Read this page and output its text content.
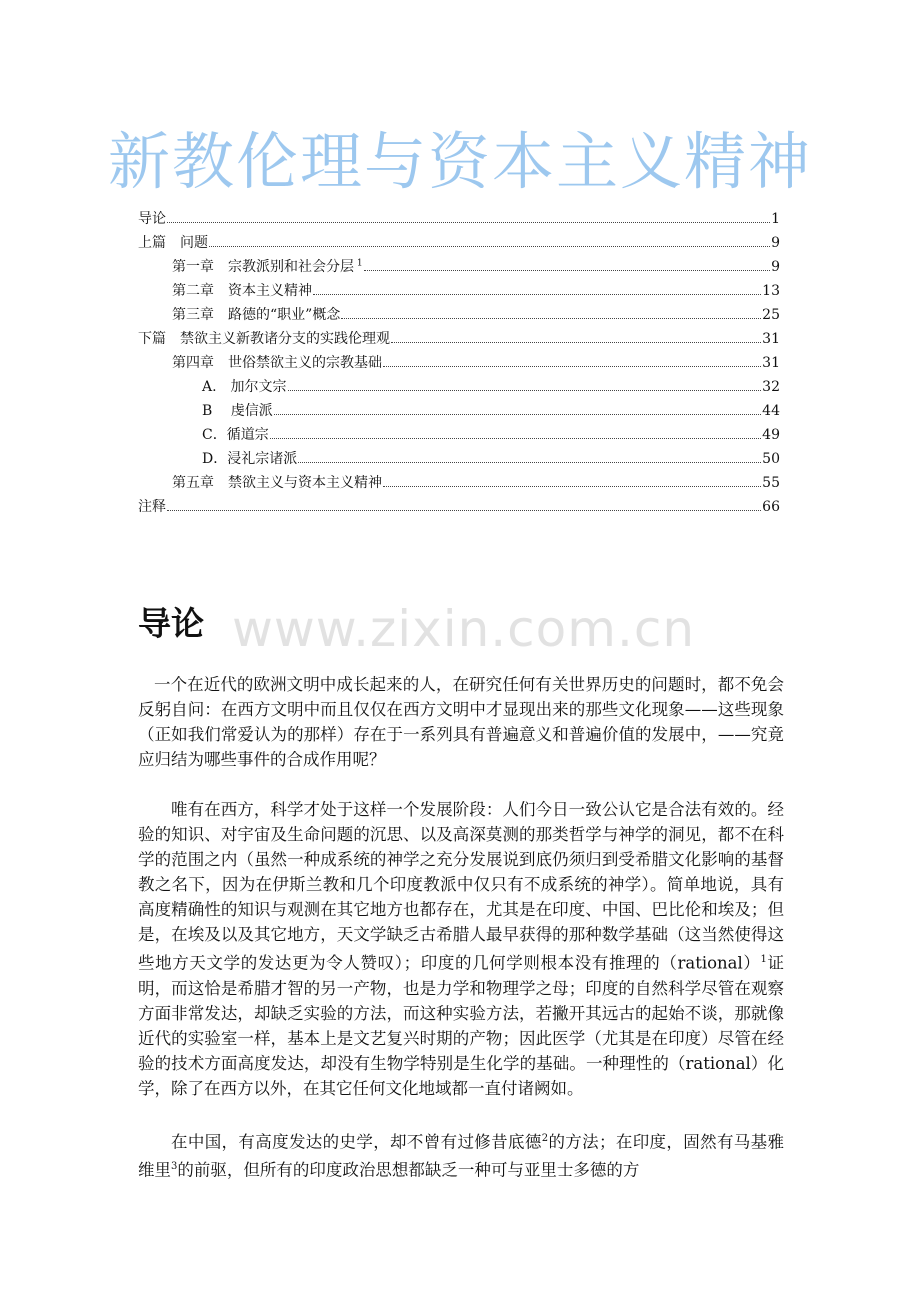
新教伦理与资本主义精神
导论	1
上篇　问题	9
第一章　宗教派别和社会分层 $^1$	9
第二章　资本主义精神	13
第三章　路德的“职业”概念	25
下篇　禁欲主义新教诸分支的实践伦理观	31
第四章　世俗禁欲主义的宗教基础	31
A.　加尔文宗	32
B　 虔信派	44
C．循道宗	49
D．浸礼宗诸派	50
第五章　禁欲主义与资本主义精神	55
注释	66
www.zixin.com.cn
导论

一个在近代的欧洲文明中成长起来的人，在研究任何有关世界历史的问题时，都不免会反躬自问：在西方文明中而且仅仅在西方文明中才显现出来的那些文化现象——这些现象（正如我们常爱认为的那样）存在于一系列具有普遍意义和普遍价值的发展中，——究竟应归结为哪些事件的合成作用呢？

唯有在西方，科学才处于这样一个发展阶段：人们今日一致公认它是合法有效的。经验的知识、对宇宙及生命问题的沉思、以及高深莫测的那类哲学与神学的洞见，都不在科学的范围之内（虽然一种成系统的神学之充分发展说到底仍须归到受希腊文化影响的基督教之名下，因为在伊斯兰教和几个印度教派中仅只有不成系统的神学）。简单地说，具有高度精确性的知识与观测在其它地方也都存在，尤其是在印度、中国、巴比伦和埃及；但是，在埃及以及其它地方，天文学缺乏古希腊人最早获得的那种数学基础（这当然使得这些地方天文学的发达更为令人赞叹）；印度的几何学则根本没有推理的（rational）$^1$证明，而这恰是希腊才智的另一产物，也是力学和物理学之母；印度的自然科学尽管在观察方面非常发达，却缺乏实验的方法，而这种实验方法，若撇开其远古的起始不谈，那就像近代的实验室一样，基本上是文艺复兴时期的产物；因此医学（尤其是在印度）尽管在经验的技术方面高度发达，却没有生物学特别是生化学的基础。一种理性的（rational）化学，除了在西方以外，在其它任何文化地域都一直付诸阙如。

在中国，有高度发达的史学，却不曾有过修昔底德$^2$的方法；在印度，固然有马基雅维里$^3$的前驱，但所有的印度政治思想都缺乏一种可与亚里士多德的方
